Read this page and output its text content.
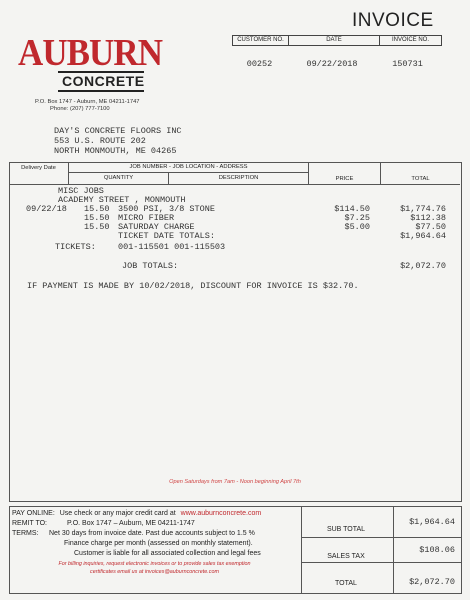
INVOICE
AUBURN
CONCRETE
P.O. Box 1747 - Auburn, ME 04211-1747
Phone: (207) 777-7100
CUSTOMER NO.	DATE	INVOICE NO.
00252	09/22/2018	150731
DAY'S CONCRETE FLOORS INC
553 U.S. ROUTE 202
NORTH MONMOUTH, ME 04265
Delivery Date	JOB NUMBER - JOB LOCATION - ADDRESS
QUANTITY	DESCRIPTION	PRICE	TOTAL
MISC JOBS
ACADEMY STREET , MONMOUTH
09/22/18 15.50 3500 PSI, 3/8 STONE	$114.50	$1,774.76
15.50 MICRO FIBER	$7.25	$112.38
15.50 SATURDAY CHARGE	$5.00	$77.50
TICKET DATE TOTALS:	$1,964.64
TICKETS:	001-115501 001-115503
JOB TOTALS:	$2,072.70
IF PAYMENT IS MADE BY 10/02/2018, DISCOUNT FOR INVOICE IS $32.70.
Open Saturdays from 7am - Noon beginning April 7th
PAY ONLINE: Use check or any major credit card at www.auburnconcrete.com
REMIT TO:	P.O. Box 1747 – Auburn, ME 04211-1747
TERMS: Net 30 days from invoice date. Past due accounts subject to 1.5 %
Finance charge per month (assessed on monthly statement).
Customer is liable for all associated collection and legal fees
For billing inquiries, request electronic invoices or to provide sales tax exemption
certificates email us at invoices@auburnconcrete.com
SUB TOTAL
$1,964.64
SALES TAX
$108.06
TOTAL	$2,072.70
